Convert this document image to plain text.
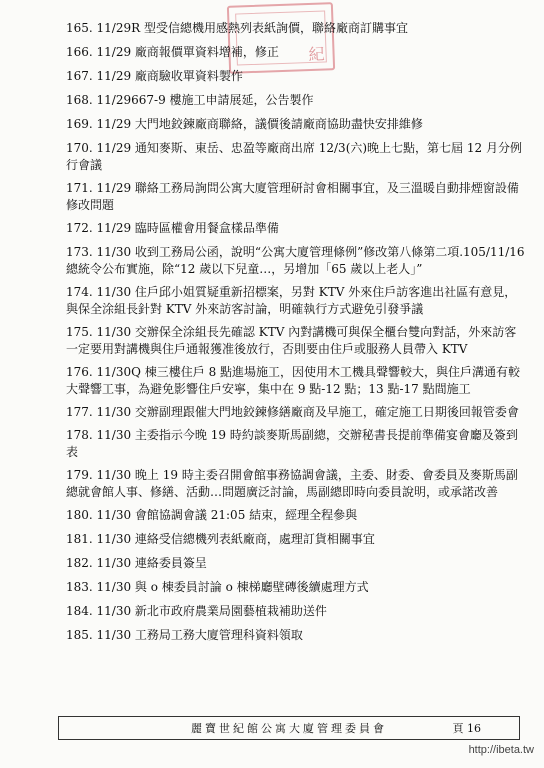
紀
165. 11/29R 型受信總機用感熱列表紙詢價，聯絡廠商訂購事宜
166. 11/29 廠商報價單資料增補，修正
167. 11/29 廠商驗收單資料製作
168. 11/29667-9 樓施工申請展延，公告製作
169. 11/29 大門地鉸鍊廠商聯絡，議價後請廠商協助盡快安排維修
170. 11/29 通知麥斯、東岳、忠盈等廠商出席 12/3(六)晚上七點，第七屆 12 月分例行會議
171. 11/29 聯絡工務局詢問公寓大廈管理研討會相關事宜，及三溫暖自動排煙窗設備修改問題
172. 11/29 臨時區權會用餐盒樣品準備
173. 11/30 收到工務局公函，說明“公寓大廈管理條例”修改第八條第二項.105/11/16 總統令公布實施，除“12 歲以下兒童…，另增加「65 歲以上老人」”
174. 11/30 住戶邱小姐質疑重新招標案，另對 KTV 外來住戶訪客進出社區有意見，與保全涂組長針對 KTV 外來訪客討論，明確執行方式避免引發爭議
175. 11/30 交辦保全涂組長先確認 KTV 內對講機可與保全櫃台雙向對話，外來訪客一定要用對講機與住戶通報獲准後放行，否則要由住戶或服務人員帶入 KTV
176. 11/30Q 棟三樓住戶 8 點進場施工，因使用木工機具聲響較大，與住戶溝通有較大聲響工事，為避免影響住戶安寧，集中在 9 點-12 點；13 點-17 點間施工
177. 11/30 交辦副理跟催大門地鉸鍊修繕廠商及早施工，確定施工日期後回報管委會
178. 11/30 主委指示今晚 19 時約談麥斯馬副總，交辦秘書長提前準備宴會廳及簽到表
179. 11/30 晚上 19 時主委召開會館事務協調會議，主委、財委、會委員及麥斯馬副總就會館人事、修繕、活動…問題廣泛討論，馬副總即時向委員說明，或承諾改善
180. 11/30 會館協調會議 21:05 結束，經理全程參與
181. 11/30 連絡受信總機列表紙廠商，處理訂貨相關事宜
182. 11/30 連絡委員簽呈
183. 11/30 與 o 棟委員討論 o 棟梯廳壁磚後續處理方式
184. 11/30 新北市政府農業局園藝植栽補助送件
185. 11/30 工務局工務大廈管理科資料領取
麗寶世紀館公寓大廈管理委員會	頁 16
http://ibeta.tw
